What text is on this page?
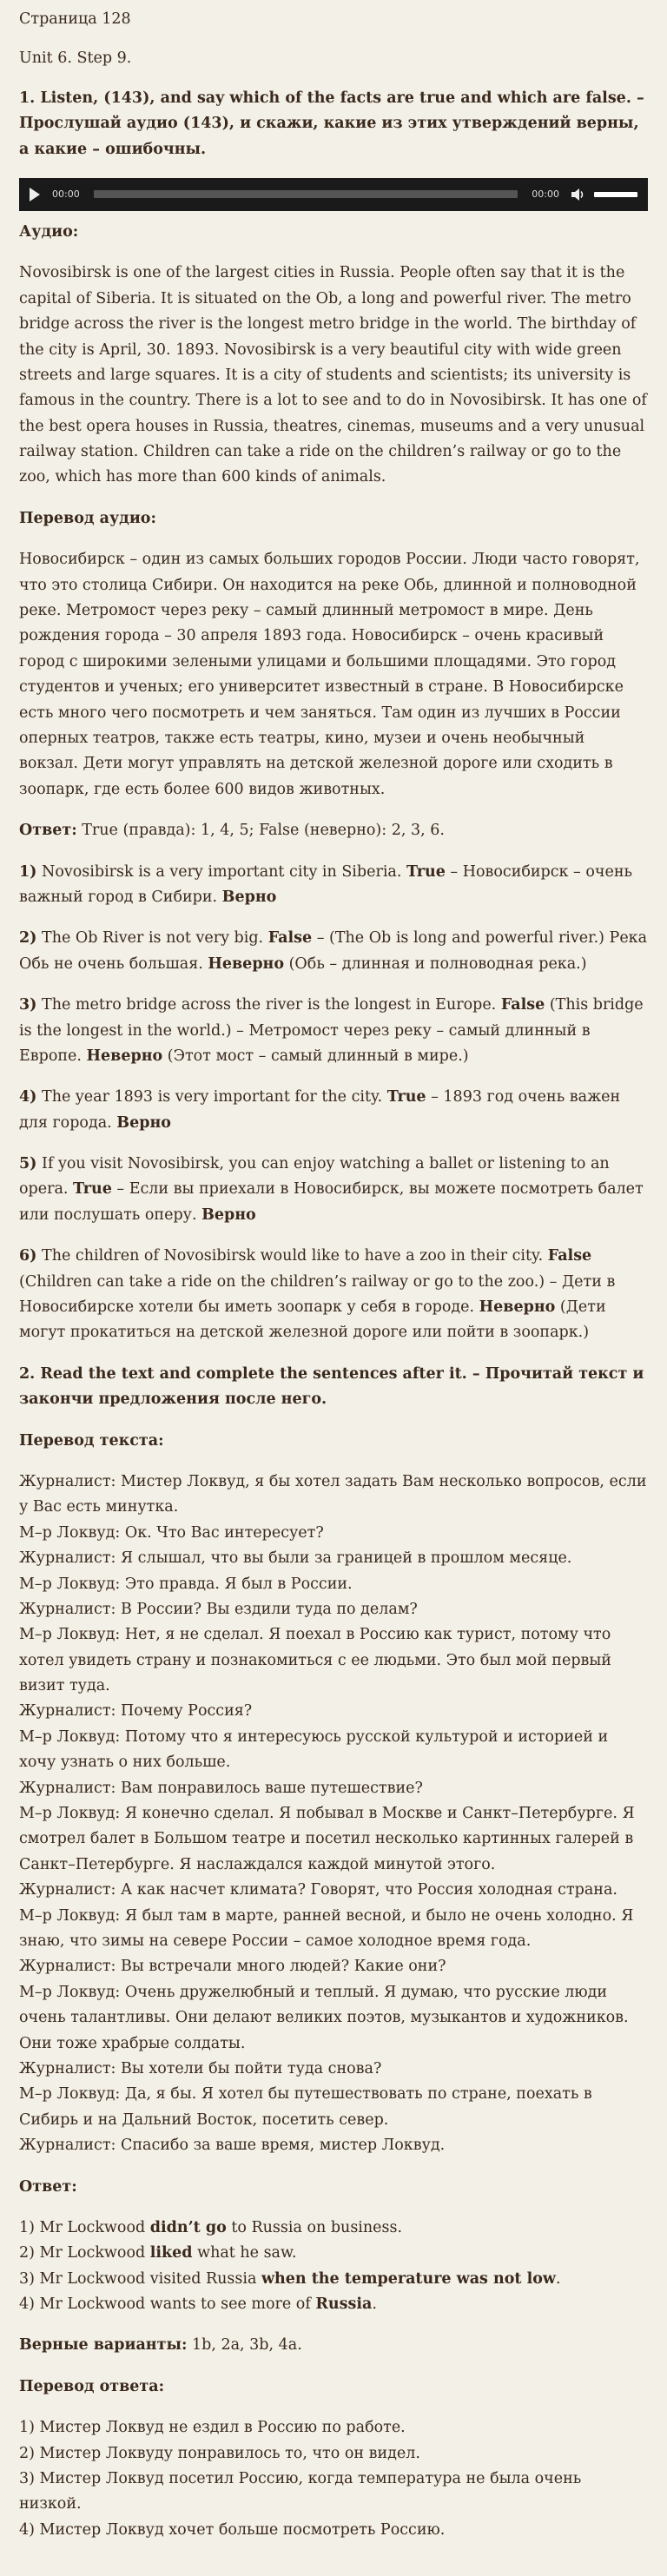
Страница 128

Unit 6. Step 9.

1. Listen, (143), and say which of the facts are true and which are false. – Прослушай аудио (143), и скажи, какие из этих утверждений верны, а какие – ошибочны.

00:00	00:00

Аудио:

Novosibirsk is one of the largest cities in Russia. People often say that it is the capital of Siberia. It is situated on the Ob, a long and powerful river. The metro bridge across the river is the longest metro bridge in the world. The birthday of the city is April, 30. 1893. Novosibirsk is a very beautiful city with wide green streets and large squares. It is a city of students and scientists; its university is famous in the country. There is a lot to see and to do in Novosibirsk. It has one of the best opera houses in Russia, theatres, cinemas, museums and a very unusual railway station. Children can take a ride on the children’s railway or go to the zoo, which has more than 600 kinds of animals.

Перевод аудио:

Новосибирск – один из самых больших городов России. Люди часто говорят, что это столица Сибири. Он находится на реке Обь, длинной и полноводной реке. Метромост через реку – самый длинный метромост в мире. День рождения города – 30 апреля 1893 года. Новосибирск – очень красивый город с широкими зелеными улицами и большими площадями. Это город студентов и ученых; его университет известный в стране. В Новосибирске есть много чего посмотреть и чем заняться. Там один из лучших в России оперных театров, также есть театры, кино, музеи и очень необычный вокзал. Дети могут управлять на детской железной дороге или сходить в зоопарк, где есть более 600 видов животных.

Ответ: True (правда): 1, 4, 5; False (неверно): 2, 3, 6.

1) Novosibirsk is a very important city in Siberia. True – Новосибирск – очень важный город в Сибири. Верно

2) The Ob River is not very big. False – (The Ob is long and powerful river.) Река Обь не очень большая. Неверно (Обь – длинная и полноводная река.)

3) The metro bridge across the river is the longest in Europe. False (This bridge is the longest in the world.) – Метромост через реку – самый длинный в Европе. Неверно (Этот мост – самый длинный в мире.)

4) The year 1893 is very important for the city. True – 1893 год очень важен для города. Верно

5) If you visit Novosibirsk, you can enjoy watching a ballet or listening to an opera. True – Если вы приехали в Новосибирск, вы можете посмотреть балет или послушать оперу. Верно

6) The children of Novosibirsk would like to have a zoo in their city. False (Children can take a ride on the children’s railway or go to the zoo.) – Дети в Новосибирске хотели бы иметь зоопарк у себя в городе. Неверно (Дети могут прокатиться на детской железной дороге или пойти в зоопарк.)

2. Read the text and complete the sentences after it. – Прочитай текст и закончи предложения после него.

Перевод текста:

Журналист: Мистер Локвуд, я бы хотел задать Вам несколько вопросов, если у Вас есть минутка.

М–р Локвуд: Ок. Что Вас интересует?

Журналист: Я слышал, что вы были за границей в прошлом месяце.

М–р Локвуд: Это правда. Я был в России.

Журналист: В России? Вы ездили туда по делам?

М–р Локвуд: Нет, я не сделал. Я поехал в Россию как турист, потому что хотел увидеть страну и познакомиться с ее людьми. Это был мой первый визит туда.

Журналист: Почему Россия?

М–р Локвуд: Потому что я интересуюсь русской культурой и историей и хочу узнать о них больше.

Журналист: Вам понравилось ваше путешествие?

М–р Локвуд: Я конечно сделал. Я побывал в Москве и Санкт–Петербурге. Я смотрел балет в Большом театре и посетил несколько картинных галерей в Санкт–Петербурге. Я наслаждался каждой минутой этого.

Журналист: А как насчет климата? Говорят, что Россия холодная страна.

М–р Локвуд: Я был там в марте, ранней весной, и было не очень холодно. Я знаю, что зимы на севере России – самое холодное время года.

Журналист: Вы встречали много людей? Какие они?

М–р Локвуд: Очень дружелюбный и теплый. Я думаю, что русские люди очень талантливы. Они делают великих поэтов, музыкантов и художников. Они тоже храбрые солдаты.

Журналист: Вы хотели бы пойти туда снова?

М–р Локвуд: Да, я бы. Я хотел бы путешествовать по стране, поехать в Сибирь и на Дальний Восток, посетить север.

Журналист: Спасибо за ваше время, мистер Локвуд.

Ответ:

1) Mr Lockwood didn’t go to Russia on business.

2) Mr Lockwood liked what he saw.

3) Mr Lockwood visited Russia when the temperature was not low.

4) Mr Lockwood wants to see more of Russia.

Верные варианты: 1b, 2a, 3b, 4a.

Перевод ответа:

1) Мистер Локвуд не ездил в Россию по работе.

2) Мистер Локвуду понравилось то, что он видел.

3) Мистер Локвуд посетил Россию, когда температура не была очень низкой.

4) Мистер Локвуд хочет больше посмотреть Россию.
